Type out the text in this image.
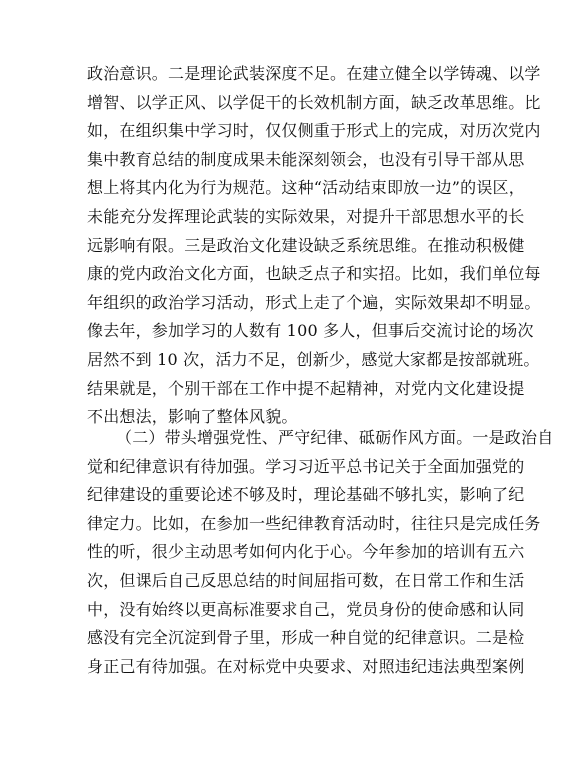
政治意识。二是理论武装深度不足。在建立健全以学铸魂、以学
增智、以学正风、以学促干的长效机制方面，缺乏改革思维。比
如，在组织集中学习时，仅仅侧重于形式上的完成，对历次党内
集中教育总结的制度成果未能深刻领会，也没有引导干部从思
想上将其内化为行为规范。这种“活动结束即放一边”的误区，
未能充分发挥理论武装的实际效果，对提升干部思想水平的长
远影响有限。三是政治文化建设缺乏系统思维。在推动积极健
康的党内政治文化方面，也缺乏点子和实招。比如，我们单位每
年组织的政治学习活动，形式上走了个遍，实际效果却不明显。
像去年，参加学习的人数有 100 多人，但事后交流讨论的场次
居然不到 10 次，活力不足，创新少，感觉大家都是按部就班。
结果就是，个别干部在工作中提不起精神，对党内文化建设提
不出想法，影响了整体风貌。
（二）带头增强党性、严守纪律、砥砺作风方面。一是政治自
觉和纪律意识有待加强。学习习近平总书记关于全面加强党的
纪律建设的重要论述不够及时，理论基础不够扎实，影响了纪
律定力。比如，在参加一些纪律教育活动时，往往只是完成任务
性的听，很少主动思考如何内化于心。今年参加的培训有五六
次，但课后自己反思总结的时间屈指可数，在日常工作和生活
中，没有始终以更高标准要求自己，党员身份的使命感和认同
感没有完全沉淀到骨子里，形成一种自觉的纪律意识。二是检
身正己有待加强。在对标党中央要求、对照违纪违法典型案例
